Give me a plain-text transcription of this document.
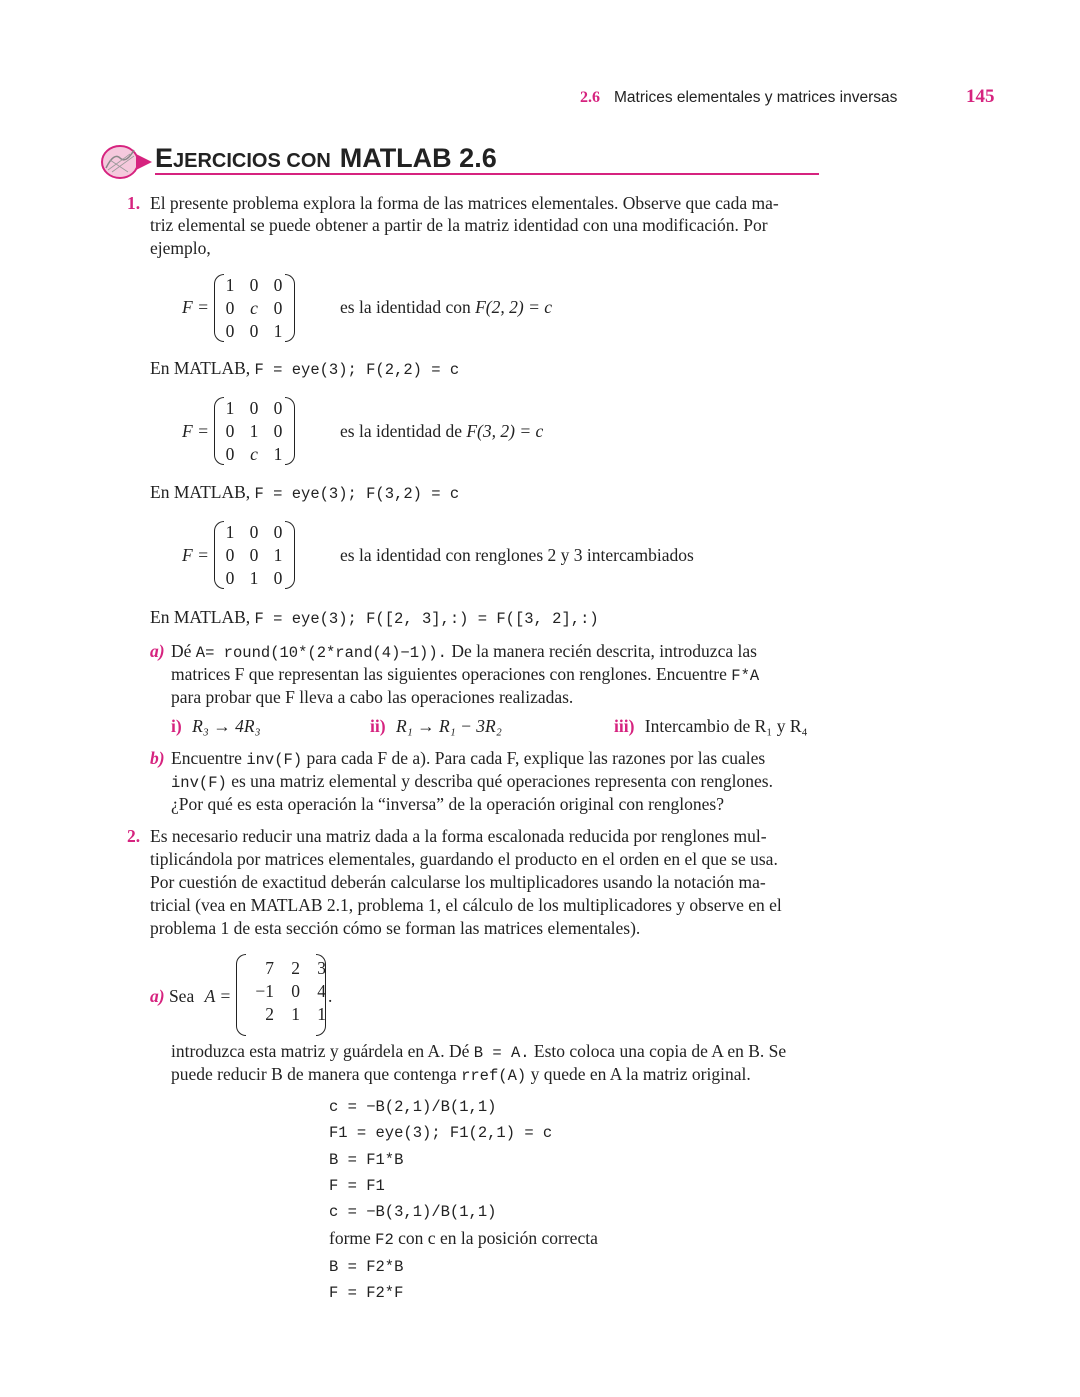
2.6 Matrices elementales y matrices inversas	145
EJERCICIOS CON MATLAB 2.6
1. El presente problema explora la forma de las matrices elementales. Observe que cada ma-
triz elemental se puede obtener a partir de la matriz identidad con una modificación. Por
ejemplo,
F =
1 0 0
0 c 0
0 0 1
es la identidad con F(2, 2) = c
En MATLAB, F = eye(3); F(2,2) = c
F =
1 0 0
0 1 0
0 c 1
es la identidad de F(3, 2) = c
En MATLAB, F = eye(3); F(3,2) = c
F =
1 0 0
0 0 1
0 1 0
es la identidad con renglones 2 y 3 intercambiados
En MATLAB, F = eye(3); F([2, 3],:) = F([3, 2],:)
a) Dé A= round(10*(2*rand(4)−1)). De la manera recién descrita, introduzca las
matrices F que representan las siguientes operaciones con renglones. Encuentre F*A
para probar que F lleva a cabo las operaciones realizadas.
i) R₃ → 4R₃	ii) R₁ → R₁ − 3R₂	iii) Intercambio de R₁ y R₄
b) Encuentre inv(F) para cada F de a). Para cada F, explique las razones por las cuales
inv(F) es una matriz elemental y describa qué operaciones representa con renglones.
¿Por qué es esta operación la “inversa” de la operación original con renglones?
2. Es necesario reducir una matriz dada a la forma escalonada reducida por renglones mul-
tiplicándola por matrices elementales, guardando el producto en el orden en el que se usa.
Por cuestión de exactitud deberán calcularse los multiplicadores usando la notación ma-
tricial (vea en MATLAB 2.1, problema 1, el cálculo de los multiplicadores y observe en el
problema 1 de esta sección cómo se forman las matrices elementales).
a) Sea A =
7 2 3
−1 0 4
2 1 1
.
introduzca esta matriz y guárdela en A. Dé B = A. Esto coloca una copia de A en B. Se
puede reducir B de manera que contenga rref(A) y quede en A la matriz original.
c = −B(2,1)/B(1,1)
F1 = eye(3); F1(2,1) = c
B = F1*B
F = F1
c = −B(3,1)/B(1,1)
forme F2 con c en la posición correcta
B = F2*B
F = F2*F
